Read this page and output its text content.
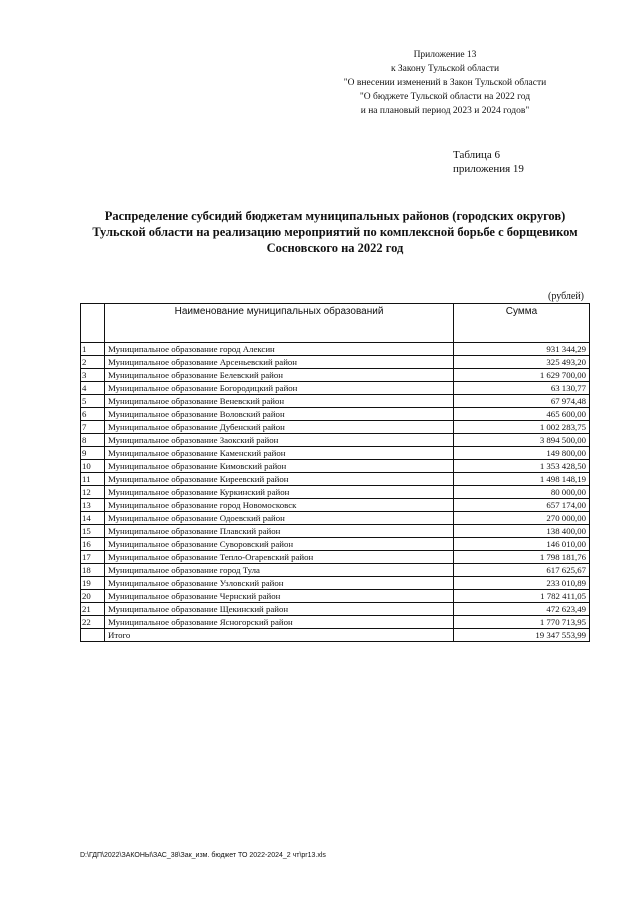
Приложение 13
к Закону Тульской области
"О внесении изменений в Закон Тульской области
"О бюджете Тульской области на 2022 год
и на плановый период 2023 и 2024 годов"
Таблица 6
приложения 19
Распределение субсидий бюджетам муниципальных районов (городских округов)
Тульской области на реализацию мероприятий по комплексной борьбе с борщевиком
Сосновского на 2022 год
(рублей)
	Наименование муниципальных образований	Сумма
1	Муниципальное образование город Алексин	931 344,29
2	Муниципальное образование Арсеньевский район	325 493,20
3	Муниципальное образование Белевский район	1 629 700,00
4	Муниципальное образование Богородицкий район	63 130,77
5	Муниципальное образование Веневский район	67 974,48
6	Муниципальное образование Воловский район	465 600,00
7	Муниципальное образование Дубенский район	1 002 283,75
8	Муниципальное образование Заокский район	3 894 500,00
9	Муниципальное образование Каменский район	149 800,00
10	Муниципальное образование Кимовский район	1 353 428,50
11	Муниципальное образование Киреевский район	1 498 148,19
12	Муниципальное образование Куркинский район	80 000,00
13	Муниципальное образование город Новомосковск	657 174,00
14	Муниципальное образование Одоевский район	270 000,00
15	Муниципальное образование Плавский район	138 400,00
16	Муниципальное образование Суворовский район	146 010,00
17	Муниципальное образование Тепло-Огаревский район	1 798 181,76
18	Муниципальное образование город Тула	617 625,67
19	Муниципальное образование Узловский район	233 010,89
20	Муниципальное образование Чернский район	1 782 411,05
21	Муниципальное образование Щекинский район	472 623,49
22	Муниципальное образование Ясногорский район	1 770 713,95
	Итого	19 347 553,99
D:\ГДП\2022\ЗАКОНЫ\ЗАС_38\Зак_изм. бюджет ТО 2022-2024_2 чт\pr13.xls
